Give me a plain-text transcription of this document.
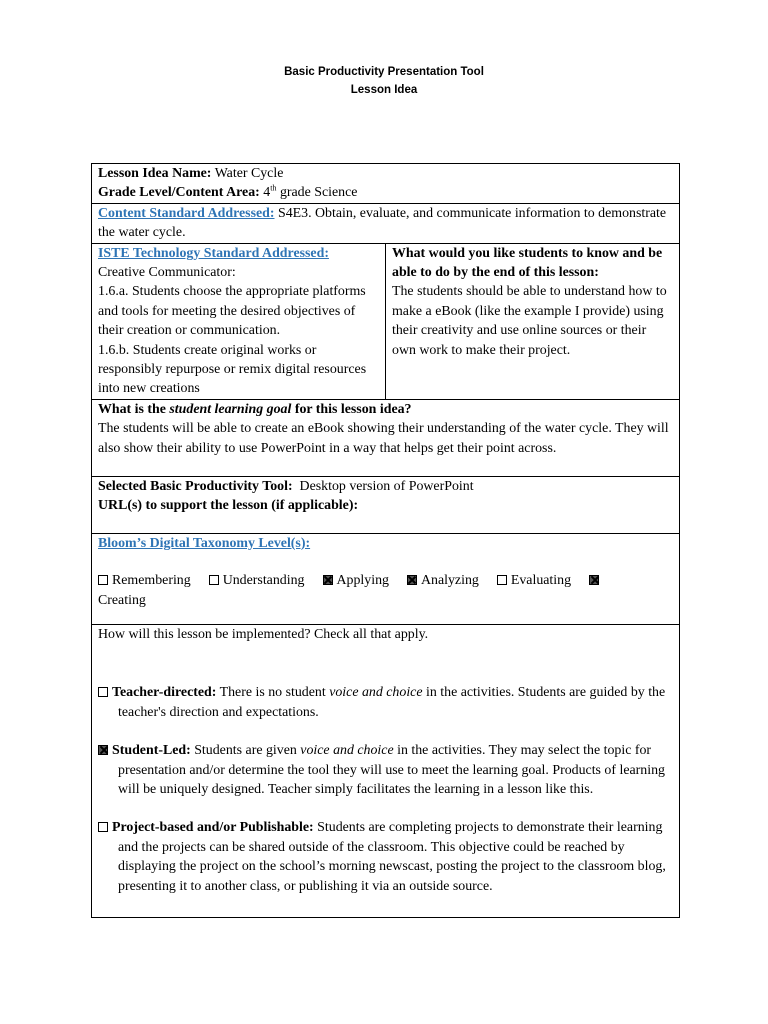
Basic Productivity Presentation Tool
Lesson Idea
Lesson Idea Name: Water Cycle
Grade Level/Content Area: 4th grade Science

Content Standard Addressed: S4E3. Obtain, evaluate, and communicate information to demonstrate the water cycle.

ISTE Technology Standard Addressed:
Creative Communicator:
1.6.a. Students choose the appropriate platforms and tools for meeting the desired objectives of their creation or communication.
1.6.b. Students create original works or responsibly repurpose or remix digital resources into new creations

What would you like students to know and be able to do by the end of this lesson:
The students should be able to understand how to make a eBook (like the example I provide) using their creativity and use online sources or their own work to make their project.

What is the student learning goal for this lesson idea?
The students will be able to create an eBook showing their understanding of the water cycle. They will also show their ability to use PowerPoint in a way that helps get their point across.

Selected Basic Productivity Tool: Desktop version of PowerPoint
URL(s) to support the lesson (if applicable):

Bloom’s Digital Taxonomy Level(s):
Remembering Understanding Applying Analyzing Evaluating
Creating

How will this lesson be implemented? Check all that apply.

Teacher-directed: There is no student voice and choice in the activities. Students are guided by the teacher's direction and expectations.

Student-Led: Students are given voice and choice in the activities. They may select the topic for presentation and/or determine the tool they will use to meet the learning goal. Products of learning will be uniquely designed. Teacher simply facilitates the learning in a lesson like this.

Project-based and/or Publishable: Students are completing projects to demonstrate their learning and the projects can be shared outside of the classroom. This objective could be reached by displaying the project on the school’s morning newscast, posting the project to the classroom blog, presenting it to another class, or publishing it via an outside source.
